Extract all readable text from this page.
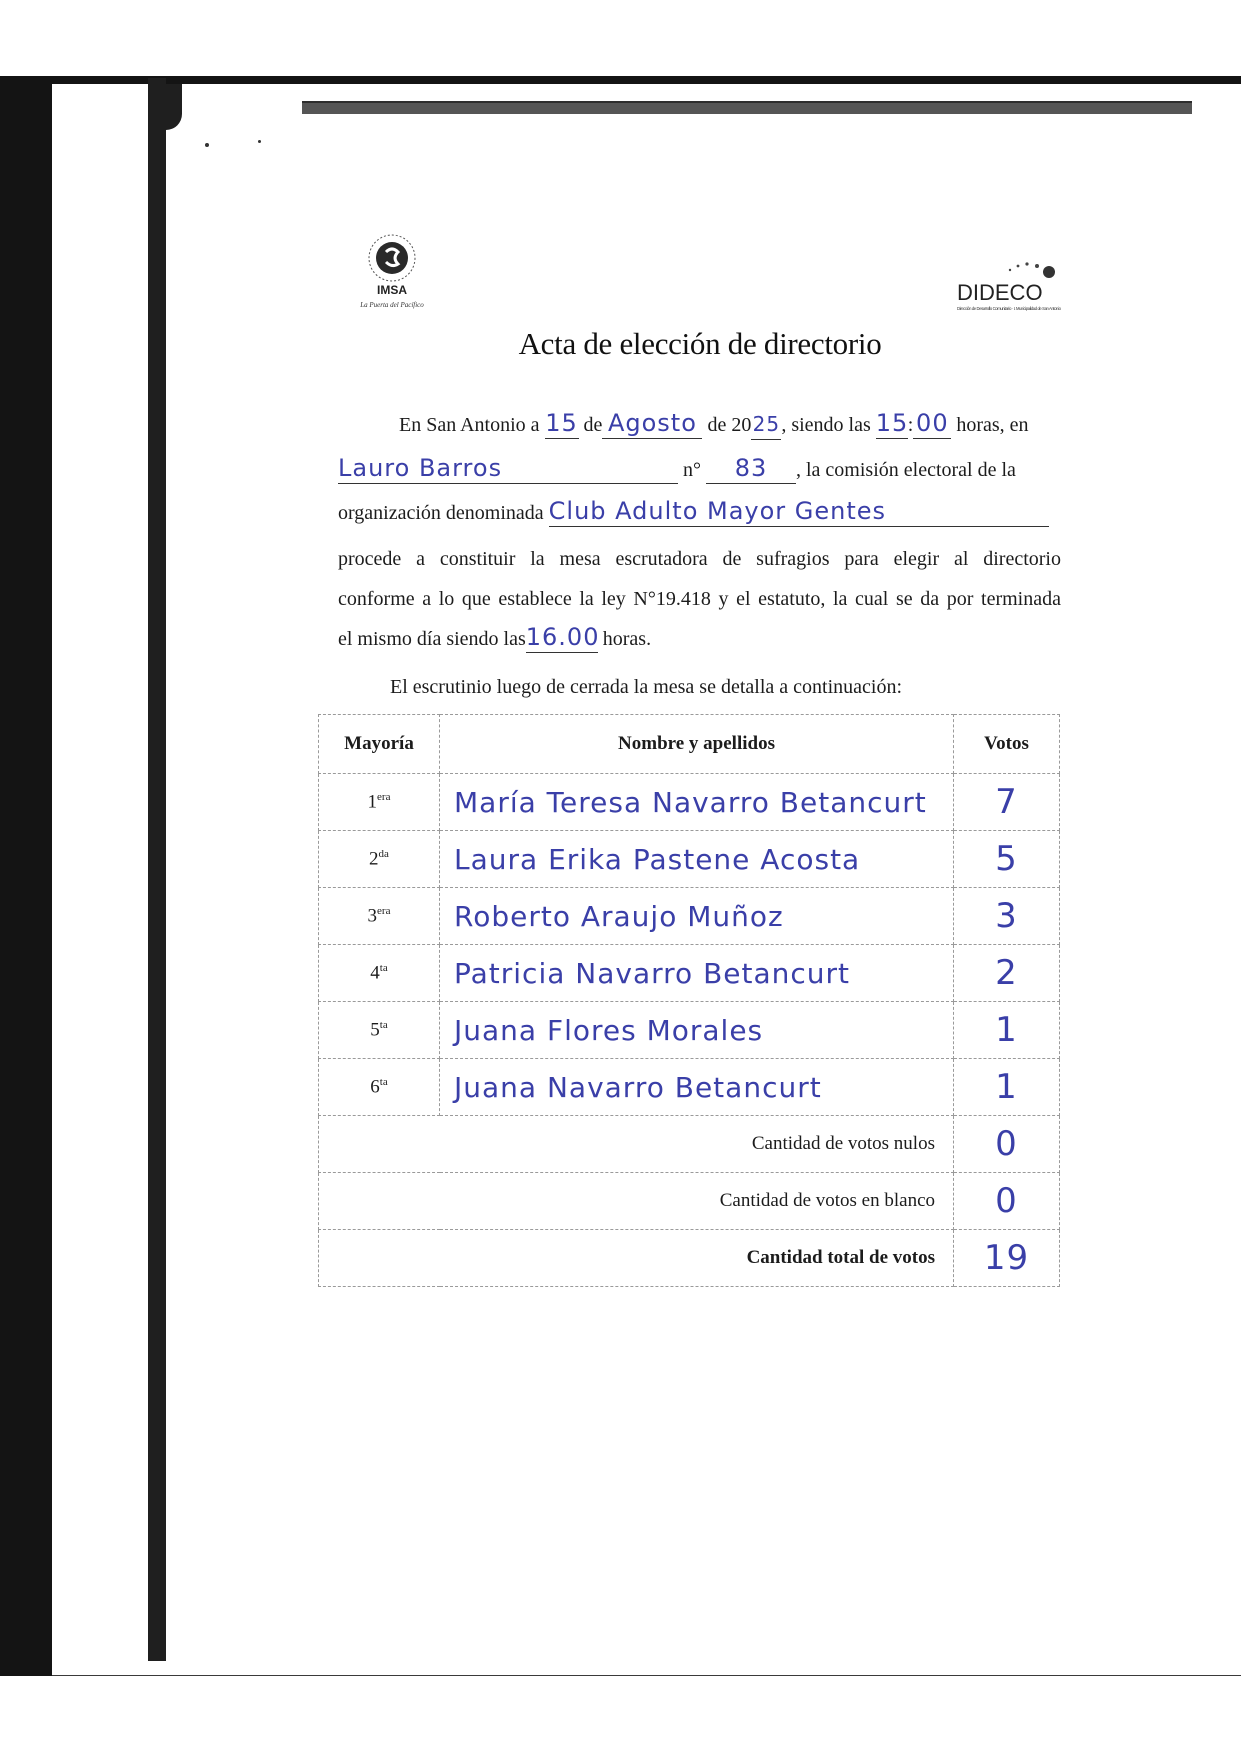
IMSA
La Puerta del Pacífico	DIDECO
Dirección de Desarrollo Comunitario · I. Municipalidad de San Antonio
Acta de elección de directorio
En San Antonio a 15 de Agosto de 2025, siendo las 15: 00 horas, en
Lauro Barros	n° 83 , la comisión electoral de la
organización denominada Club Adulto Mayor Gentes
procede a constituir la mesa escrutadora de sufragios para elegir al directorio
conforme a lo que establece la ley N°19.418 y el estatuto, la cual se da por terminada
el mismo día siendo las16.00 horas.
El escrutinio luego de cerrada la mesa se detalla a continuación:
Mayoría	Nombre y apellidos	Votos
$1^{era}$	María Teresa Navarro Betancurt	7
$2^{da}$	Laura Erika Pastene Acosta	5
$3^{era}$	Roberto Araujo Muñoz	3
$4^{ta}$	Patricia Navarro Betancurt	2
$5^{ta}$	Juana Flores Morales	1
$6^{ta}$	Juana Navarro Betancurt	1
Cantidad de votos nulos		0
Cantidad de votos en blanco		0
Cantidad total de votos		19
